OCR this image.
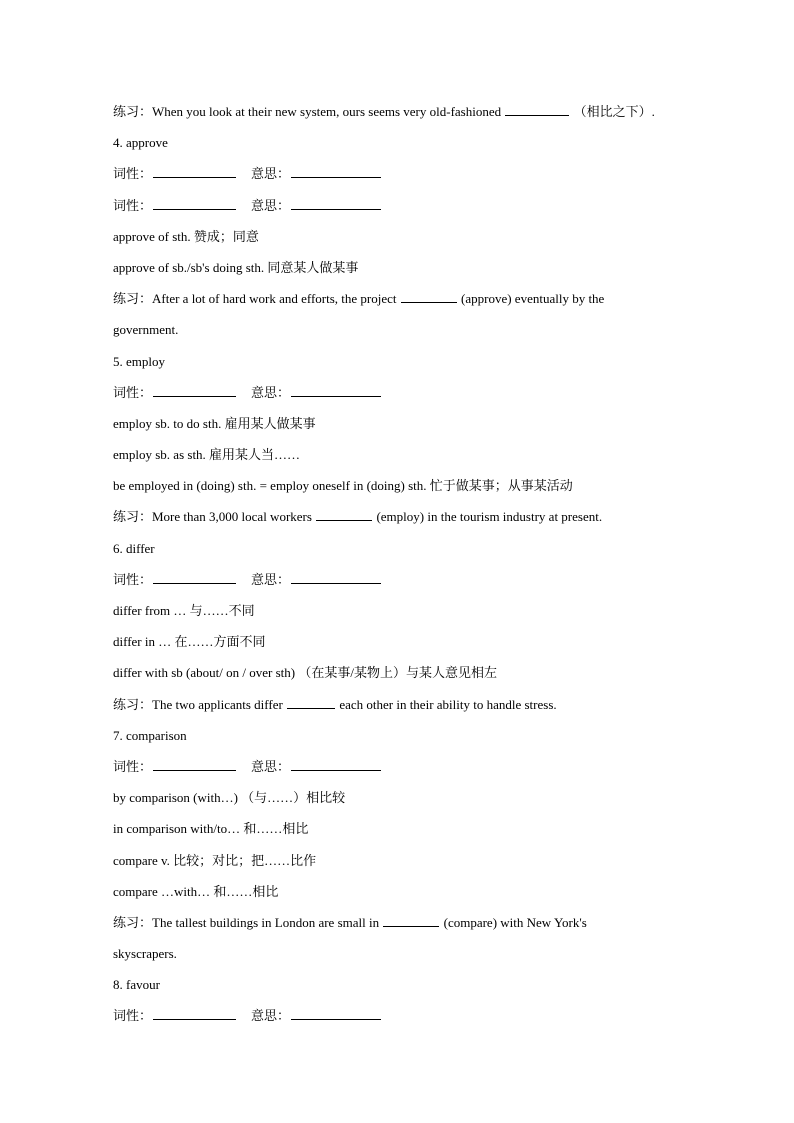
练习：When you look at their new system, ours seems very old-fashioned	（相比之下）.
4. approve
词性：	意思：
词性：	意思：
approve of sth. 赞成；同意
approve of sb./sb's doing sth. 同意某人做某事
练习：After a lot of hard work and efforts, the project	(approve) eventually by the
government.
5. employ
词性：	意思：
employ sb. to do sth. 雇用某人做某事
employ sb. as sth. 雇用某人当……
be employed in (doing) sth. = employ oneself in (doing) sth. 忙于做某事；从事某活动
练习：More than 3,000 local workers	(employ) in the tourism industry at present.
6. differ
词性：	意思：
differ from … 与……不同
differ in … 在……方面不同
differ with sb (about/ on / over sth) （在某事/某物上）与某人意见相左
练习：The two applicants differ	each other in their ability to handle stress.
7. comparison
词性：	意思：
by comparison (with…) （与……）相比较
in comparison with/to… 和……相比
compare v. 比较；对比；把……比作
compare …with… 和……相比
练习：The tallest buildings in London are small in	(compare) with New York's
skyscrapers.
8. favour
词性：	意思：
